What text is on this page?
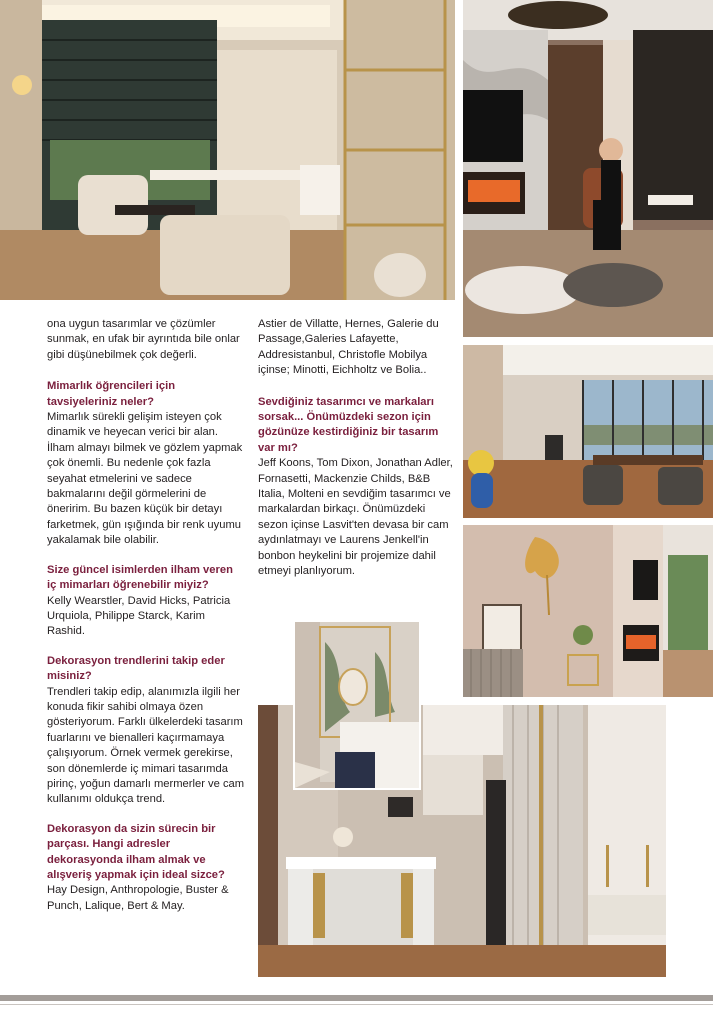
ona uygun tasarımlar ve çözümler sunmak, en ufak bir ayrıntıda bile onlar gibi düşünebilmek çok değerli.

Mimarlık öğrencileri için tavsiyeleriniz neler?
Mimarlık sürekli gelişim isteyen çok dinamik ve heyecan verici bir alan. İlham almayı bilmek ve gözlem yapmak çok önemli. Bu nedenle çok fazla seyahat etmelerini ve sadece bakmalarını değil görmelerini de öneririm. Bu bazen küçük bir detayı farketmek, gün ışığında bir renk uyumu yakalamak bile olabilir.

Size güncel isimlerden ilham veren iç mimarları öğrenebilir miyiz?
Kelly Wearstler, David Hicks, Patricia Urquiola, Philippe Starck, Karim Rashid.

Dekorasyon trendlerini takip eder misiniz?
Trendleri takip edip, alanımızla ilgili her konuda fikir sahibi olmaya özen gösteriyorum. Farklı ülkelerdeki tasarım fuarlarını ve bienalleri kaçırmamaya çalışıyorum. Örnek vermek gerekirse, son dönemlerde iç mimari tasarımda pirinç, yoğun damarlı mermerler ve cam kullanımı oldukça trend.

Dekorasyon da sizin sürecin bir parçası. Hangi adresler dekorasyonda ilham almak ve alışveriş yapmak için ideal sizce?
Hay Design, Anthropologie, Buster & Punch, Lalique, Bert & May.

Astier de Villatte, Hernes, Galerie du Passage,Galeries Lafayette, Addresistanbul, Christofle Mobilya içinse; Minotti, Eichholtz ve Bolia..

Sevdiğiniz tasarımcı ve markaları sorsak... Önümüzdeki sezon için gözünüze kestirdiğiniz bir tasarım var mı?
Jeff Koons, Tom Dixon, Jonathan Adler, Fornasetti, Mackenzie Childs, B&B Italia, Molteni en sevdiğim tasarımcı ve markalardan birkaçı. Önümüzdeki sezon içinse Lasvit'ten devasa bir cam aydınlatmayı ve Laurens Jenkell'in bonbon heykelini bir projemize dahil etmeyi planlıyorum.
